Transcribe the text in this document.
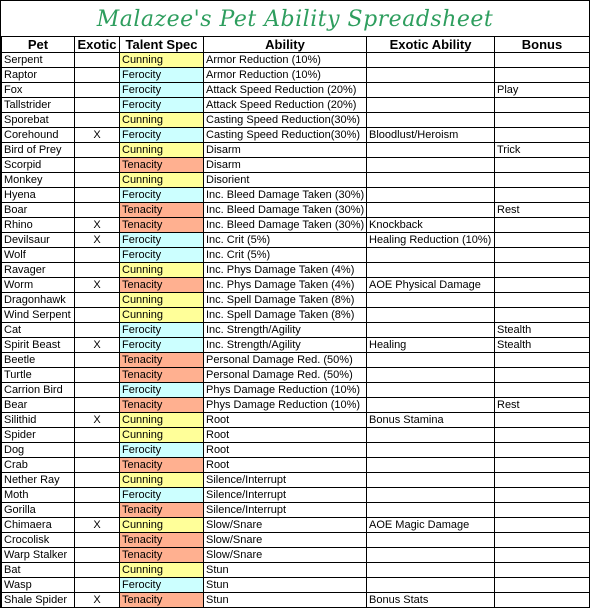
Malazee's Pet Ability Spreadsheet
Pet	Exotic	Talent Spec	Ability	Exotic Ability	Bonus
Serpent		Cunning	Armor Reduction (10%)		
Raptor		Ferocity	Armor Reduction (10%)		
Fox		Ferocity	Attack Speed Reduction (20%)		Play
Tallstrider		Ferocity	Attack Speed Reduction (20%)		
Sporebat		Cunning	Casting Speed Reduction(30%)		
Corehound	X	Ferocity	Casting Speed Reduction(30%)	Bloodlust/Heroism	
Bird of Prey		Cunning	Disarm		Trick
Scorpid		Tenacity	Disarm		
Monkey		Cunning	Disorient		
Hyena		Ferocity	Inc. Bleed Damage Taken (30%)		
Boar		Tenacity	Inc. Bleed Damage Taken (30%)		Rest
Rhino	X	Tenacity	Inc. Bleed Damage Taken (30%)	Knockback	
Devilsaur	X	Ferocity	Inc. Crit (5%)	Healing Reduction (10%)	
Wolf		Ferocity	Inc. Crit (5%)		
Ravager		Cunning	Inc. Phys Damage Taken (4%)		
Worm	X	Tenacity	Inc. Phys Damage Taken (4%)	AOE Physical Damage	
Dragonhawk		Cunning	Inc. Spell Damage Taken (8%)		
Wind Serpent		Cunning	Inc. Spell Damage Taken (8%)		
Cat		Ferocity	Inc. Strength/Agility		Stealth
Spirit Beast	X	Ferocity	Inc. Strength/Agility	Healing	Stealth
Beetle		Tenacity	Personal Damage Red. (50%)		
Turtle		Tenacity	Personal Damage Red. (50%)		
Carrion Bird		Ferocity	Phys Damage Reduction (10%)		
Bear		Tenacity	Phys Damage Reduction (10%)		Rest
Silithid	X	Cunning	Root	Bonus Stamina	
Spider		Cunning	Root		
Dog		Ferocity	Root		
Crab		Tenacity	Root		
Nether Ray		Cunning	Silence/Interrupt		
Moth		Ferocity	Silence/Interrupt		
Gorilla		Tenacity	Silence/Interrupt		
Chimaera	X	Cunning	Slow/Snare	AOE Magic Damage	
Crocolisk		Tenacity	Slow/Snare		
Warp Stalker		Tenacity	Slow/Snare		
Bat		Cunning	Stun		
Wasp		Ferocity	Stun		
Shale Spider	X	Tenacity	Stun	Bonus Stats	
